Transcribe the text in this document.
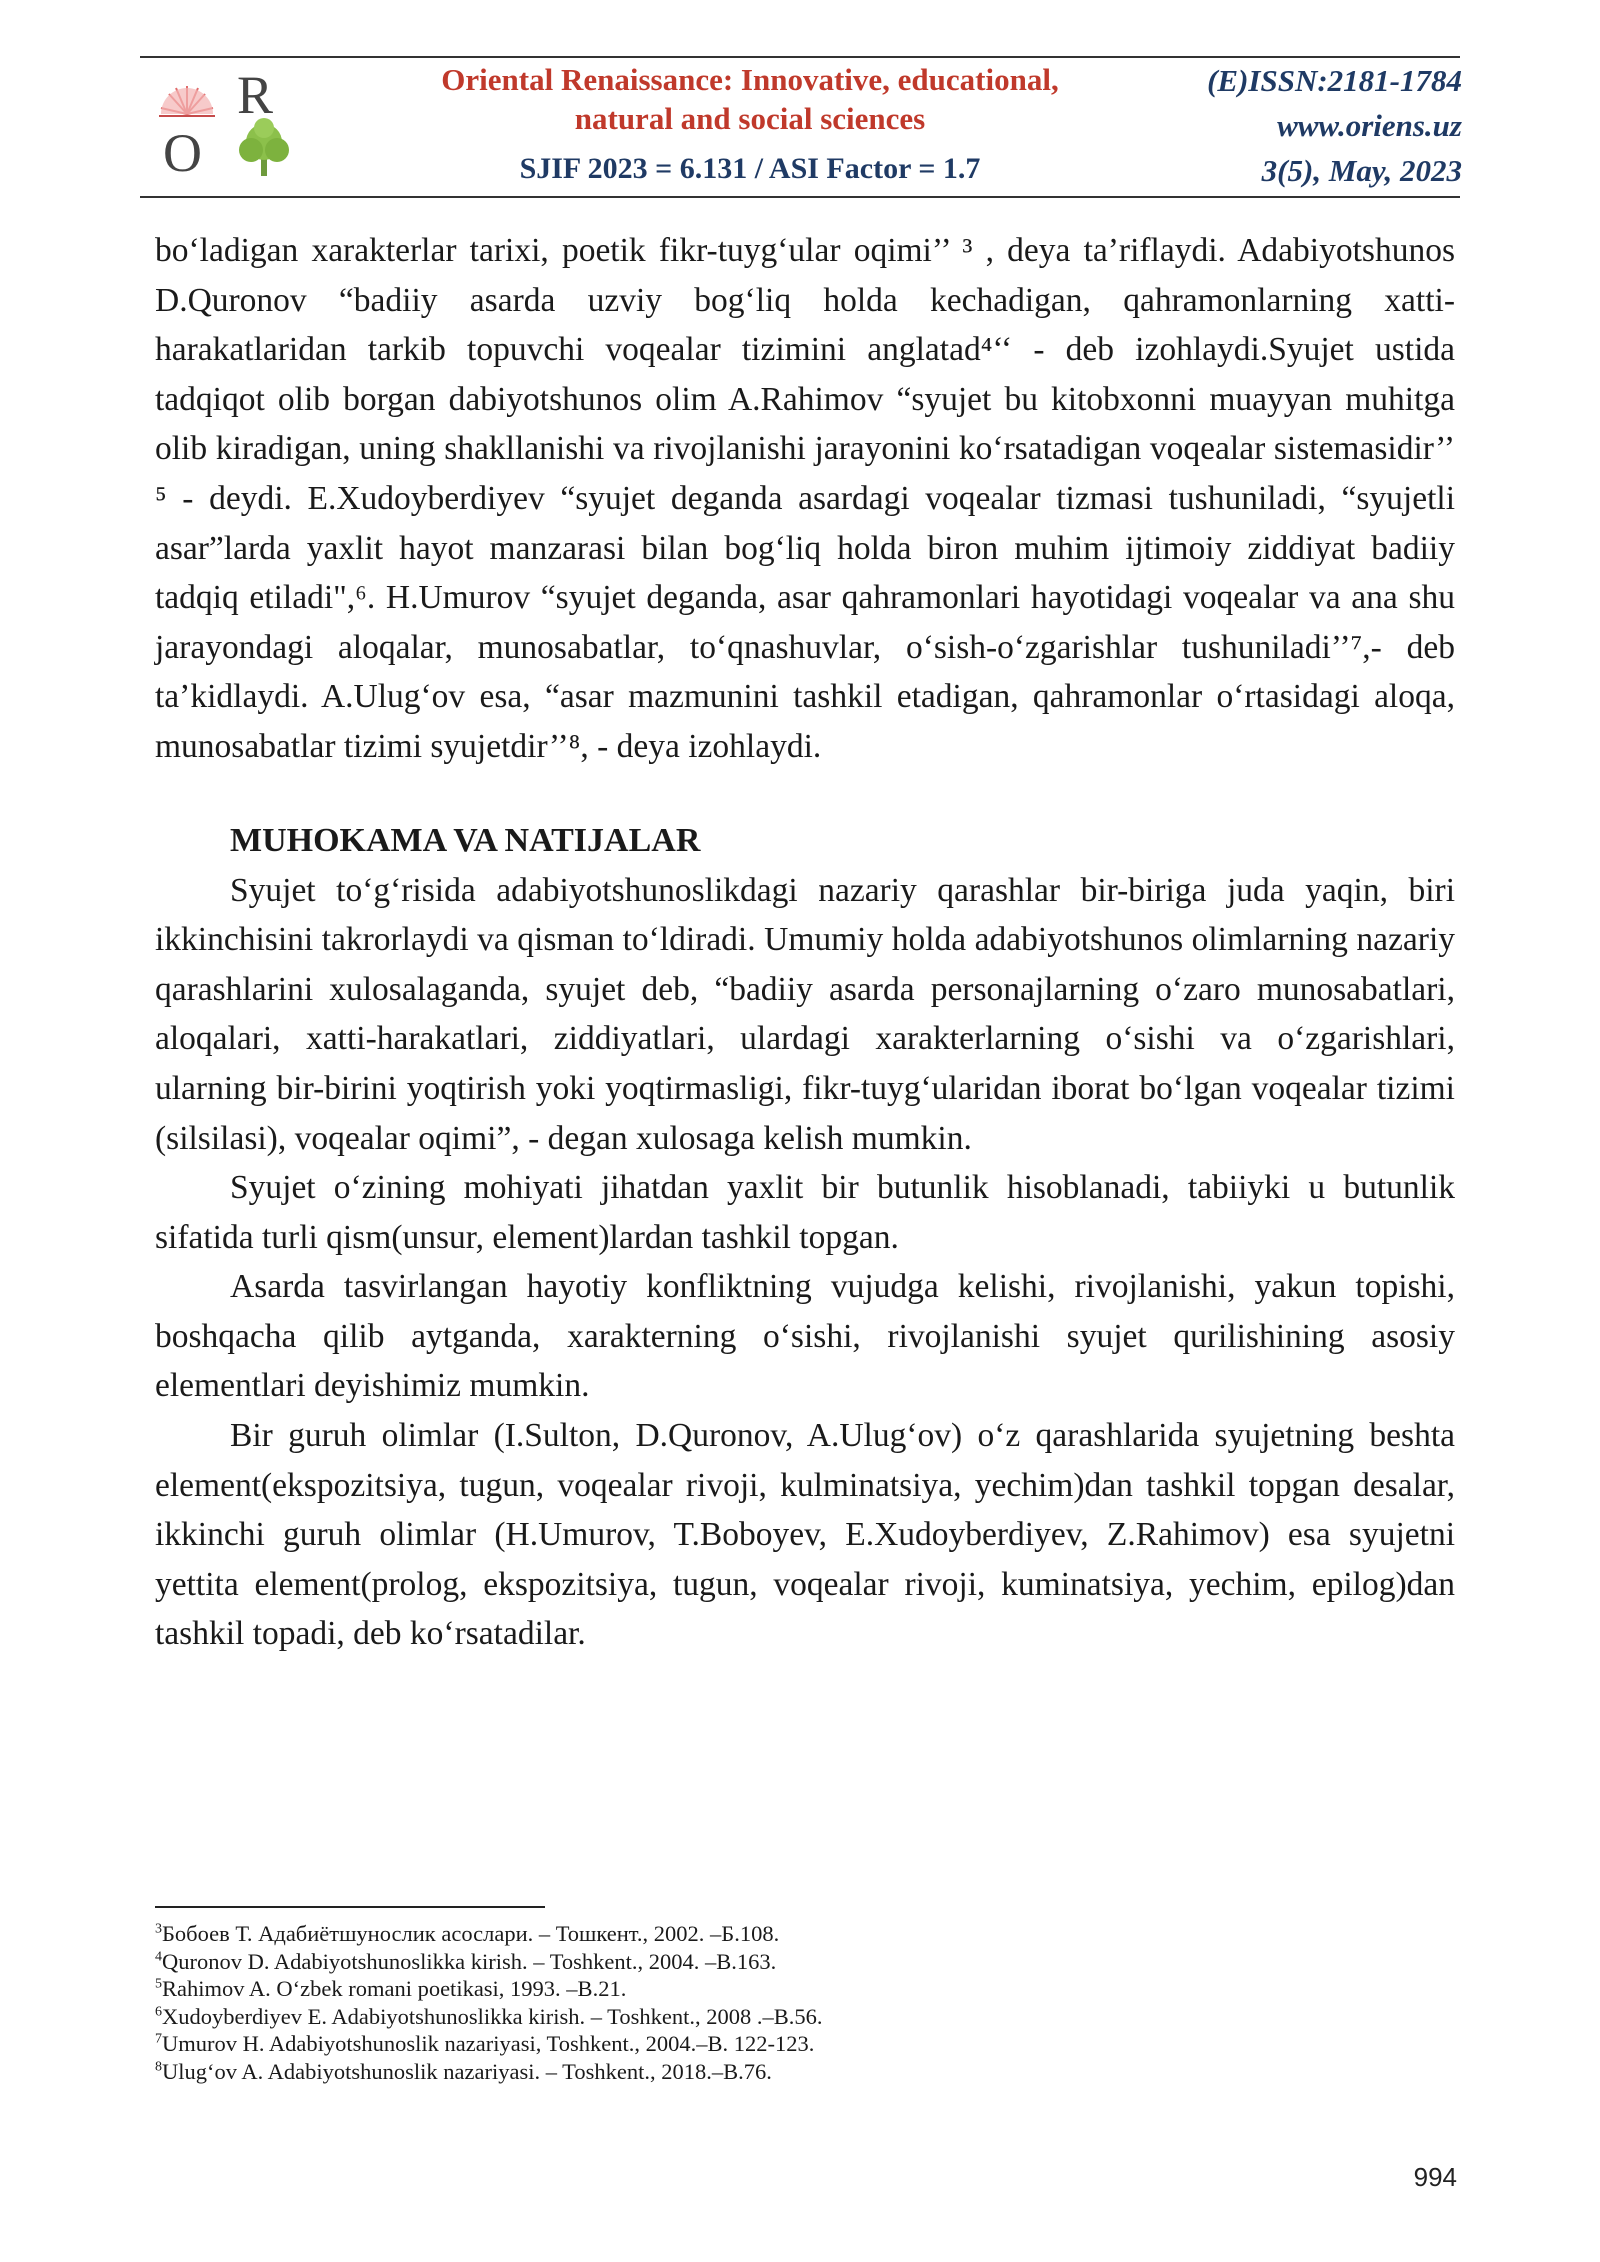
R
O
Oriental Renaissance: Innovative, educational, natural and social sciences
SJIF 2023 = 6.131 / ASI Factor = 1.7
(E)ISSN:2181-1784
www.oriens.uz
3(5), May, 2023

bo‘ladigan xarakterlar tarixi, poetik fikr-tuyg‘ular oqimi’’ ³ , deya ta’riflaydi. Adabiyotshunos D.Quronov “badiiy asarda uzviy bog‘liq holda kechadigan, qahramonlarning xatti- harakatlaridan tarkib topuvchi voqealar tizimini anglatad⁴‘‘ - deb izohlaydi.Syujet ustida tadqiqot olib borgan dabiyotshunos olim A.Rahimov “syujet bu kitobxonni muayyan muhitga olib kiradigan, uning shakllanishi va rivojlanishi jarayonini ko‘rsatadigan voqealar sistemasidir’’ ⁵ - deydi. E.Xudoyberdiyev “syujet deganda asardagi voqealar tizmasi tushuniladi, “syujetli asar”larda yaxlit hayot manzarasi bilan bog‘liq holda biron muhim ijtimoiy ziddiyat badiiy tadqiq etiladi",⁶. H.Umurov “syujet deganda, asar qahramonlari hayotidagi voqealar va ana shu jarayondagi aloqalar, munosabatlar, to‘qnashuvlar, o‘sish-o‘zgarishlar tushuniladi’’⁷,- deb ta’kidlaydi. A.Ulug‘ov esa, “asar mazmunini tashkil etadigan, qahramonlar o‘rtasidagi aloqa, munosabatlar tizimi syujetdir’’⁸, - deya izohlaydi.

MUHOKAMA VA NATIJALAR

Syujet to‘g‘risida adabiyotshunoslikdagi nazariy qarashlar bir-biriga juda yaqin, biri ikkinchisini takrorlaydi va qisman to‘ldiradi. Umumiy holda adabiyotshunos olimlarning nazariy qarashlarini xulosalaganda, syujet deb, “badiiy asarda personajlarning o‘zaro munosabatlari, aloqalari, xatti-harakatlari, ziddiyatlari, ulardagi xarakterlarning o‘sishi va o‘zgarishlari, ularning bir-birini yoqtirish yoki yoqtirmasligi, fikr-tuyg‘ularidan iborat bo‘lgan voqealar tizimi (silsilasi), voqealar oqimi”, - degan xulosaga kelish mumkin.

Syujet o‘zining mohiyati jihatdan yaxlit bir butunlik hisoblanadi, tabiiyki u butunlik sifatida turli qism(unsur, element)lardan tashkil topgan.

Asarda tasvirlangan hayotiy konfliktning vujudga kelishi, rivojlanishi, yakun topishi, boshqacha qilib aytganda, xarakterning o‘sishi, rivojlanishi syujet qurilishining asosiy elementlari deyishimiz mumkin.

Bir guruh olimlar (I.Sulton, D.Quronov, A.Ulug‘ov) o‘z qarashlarida syujetning beshta element(ekspozitsiya, tugun, voqealar rivoji, kulminatsiya, yechim)dan tashkil topgan desalar, ikkinchi guruh olimlar (H.Umurov, T.Boboyev, E.Xudoyberdiyev, Z.Rahimov) esa syujetni yettita element(prolog, ekspozitsiya, tugun, voqealar rivoji, kuminatsiya, yechim, epilog)dan tashkil topadi, deb ko‘rsatadilar.

$^3$Бобоев Т. Адабиётшунослик асослари. – Тошкент., 2002. –Б.108.

$^4$Quronov D. Adabiyotshunoslikka kirish. – Toshkent., 2004. –B.163.

$^5$Rahimov A. O‘zbek romani poetikasi, 1993. –B.21.

$^6$Xudoyberdiyev E. Adabiyotshunoslikka kirish. – Toshkent., 2008 .–B.56.

$^7$Umurov H. Adabiyotshunoslik nazariyasi, Toshkent., 2004.–B. 122-123.

$^8$Ulug‘ov A. Adabiyotshunoslik nazariyasi. – Toshkent., 2018.–B.76.

994
